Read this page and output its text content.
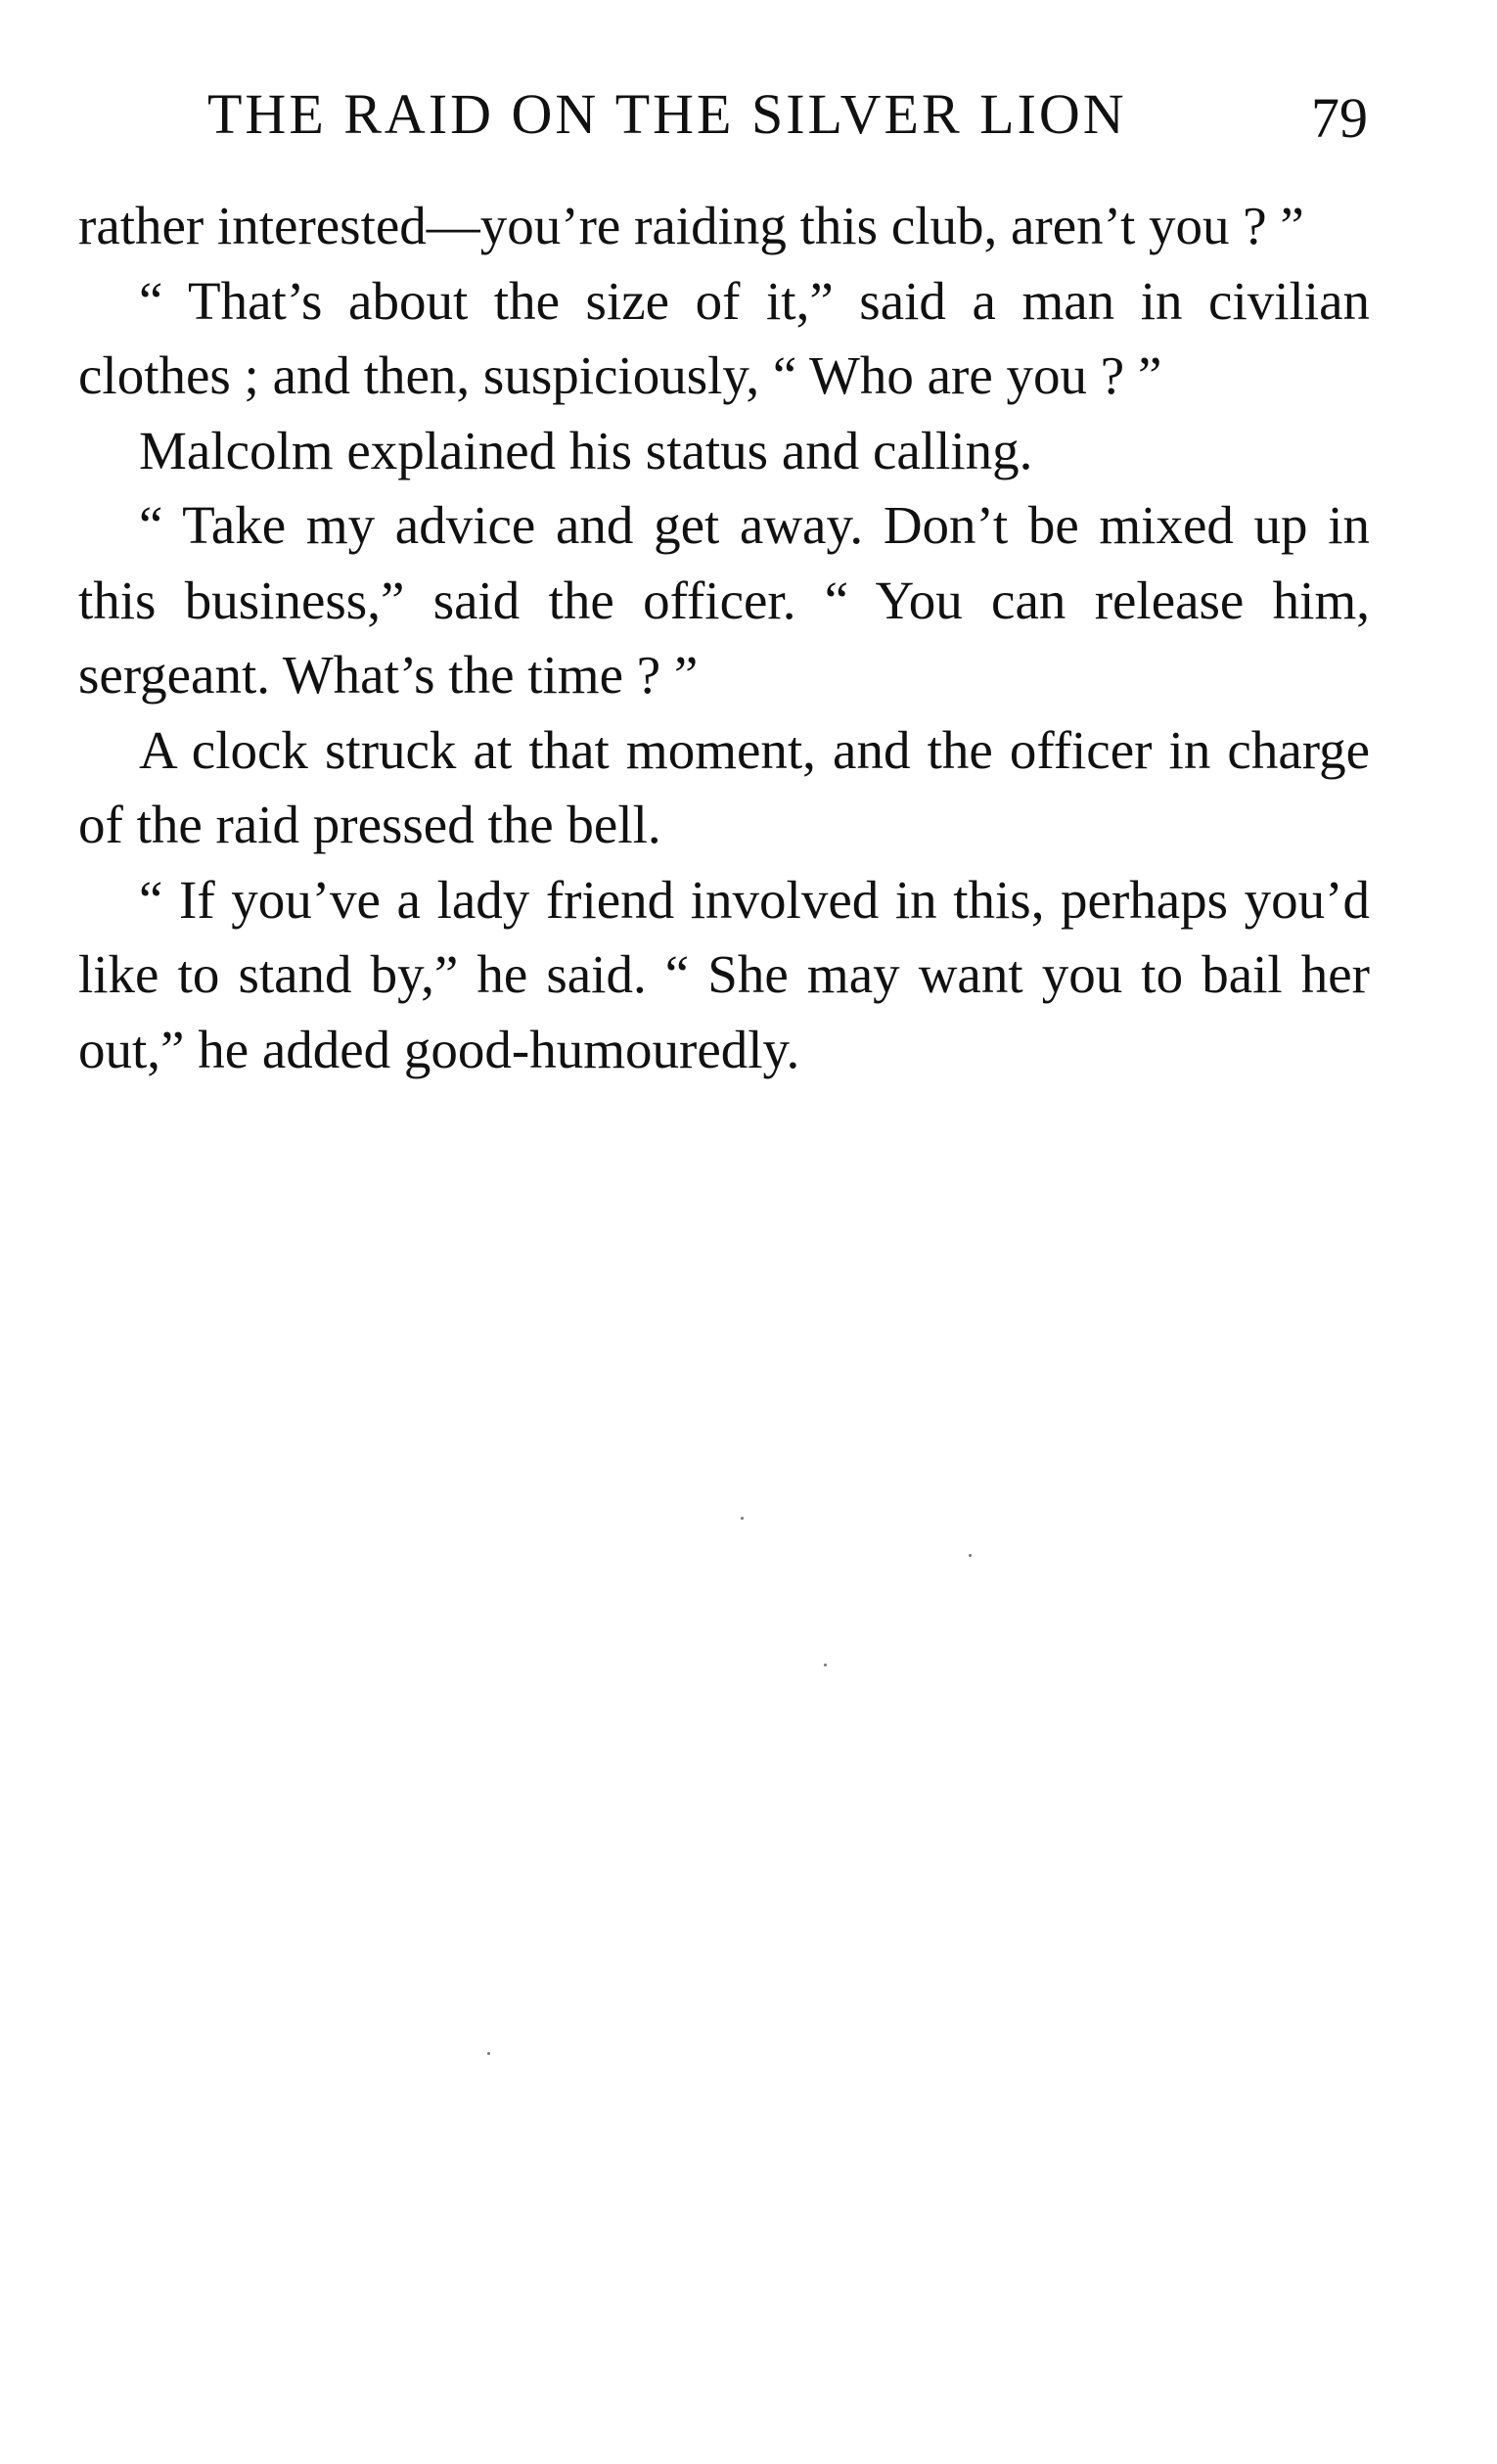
THE RAID ON THE SILVER LION	79

rather interested—you’re raiding this club, aren’t you ? ”

“ That’s about the size of it,” said a man in civilian clothes ; and then, suspiciously, “ Who are you ? ”

Malcolm explained his status and calling.

“ Take my advice and get away. Don’t be mixed up in this business,” said the officer. “ You can release him, sergeant. What’s the time ? ”

A clock struck at that moment, and the officer in charge of the raid pressed the bell.

“ If you’ve a lady friend involved in this, perhaps you’d like to stand by,” he said. “ She may want you to bail her out,” he added good-humouredly.
